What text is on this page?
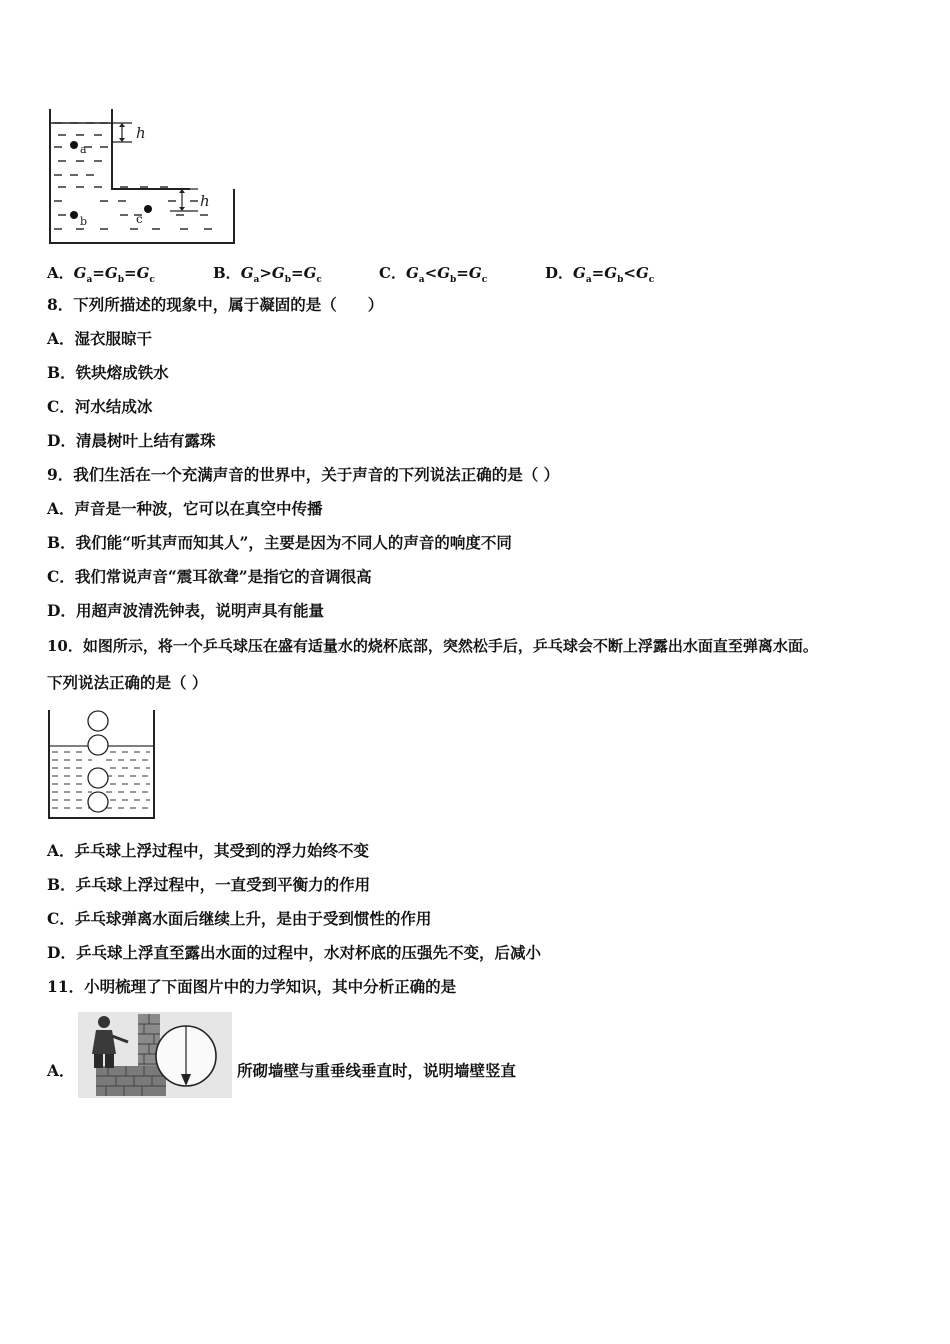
h
h
a
b	c
A．$G_a=G_b=G_c$	B．$G_a>G_b=G_c$	C．$G_a<G_b=G_c$	D．$G_a=G_b<G_c$
8．下列所描述的现象中，属于凝固的是（　　）
A．湿衣服晾干
B．铁块熔成铁水
C．河水结成冰
D．清晨树叶上结有露珠
9．我们生活在一个充满声音的世界中，关于声音的下列说法正确的是（ ）
A．声音是一种波，它可以在真空中传播
B．我们能“听其声而知其人”，主要是因为不同人的声音的响度不同
C．我们常说声音“震耳欲聋”是指它的音调很高
D．用超声波清洗钟表，说明声具有能量
10．如图所示，将一个乒乓球压在盛有适量水的烧杯底部，突然松手后，乒乓球会不断上浮露出水面直至弹离水面。
下列说法正确的是（ ）
A．乒乓球上浮过程中，其受到的浮力始终不变
B．乒乓球上浮过程中，一直受到平衡力的作用
C．乒乓球弹离水面后继续上升，是由于受到惯性的作用
D．乒乓球上浮直至露出水面的过程中，水对杯底的压强先不变，后减小
11．小明梳理了下面图片中的力学知识，其中分析正确的是
A．	所砌墙壁与重垂线垂直时，说明墙壁竖直
